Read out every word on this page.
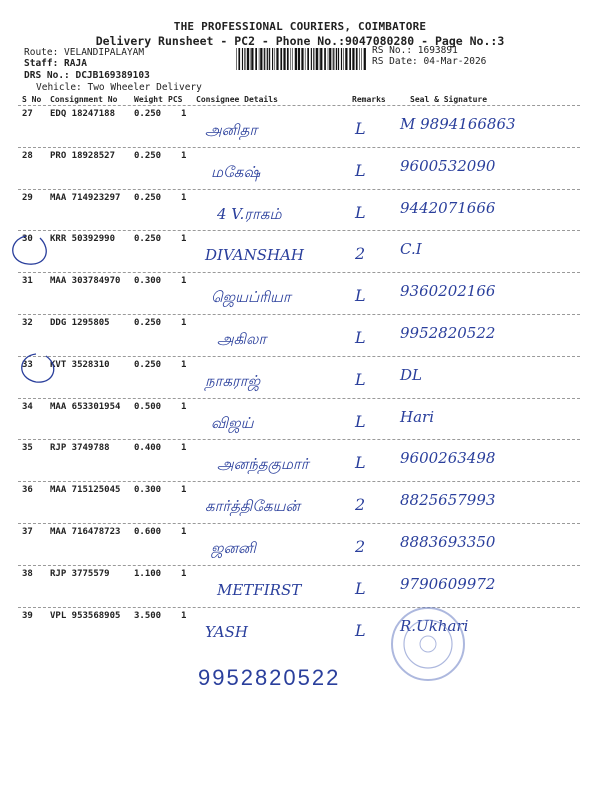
THE PROFESSIONAL COURIERS, COIMBATORE
Delivery Runsheet - PC2 - Phone No.:9047080280 - Page No.:3
Route: VELANDIPALAYAM
Staff: RAJA
DRS No.: DCJB169389103
Vehicle: Two Wheeler Delivery
RS No.: 1693891
RS Date: 04-Mar-2026
S No Consignment No Weight PCS Consignee Details	Remarks	Seal & Signature
27 EDQ 18247188 0.250 1
அனிதா	L M 9894166863
28 PRO 18928527 0.250 1
மகேஷ்	L 9600532090
29 MAA 714923297 0.250 1
4 V.ராகம்	L 9442071666
30 KRR 50392990 0.250 1
DIVANSHAH	2 C.I
31 MAA 303784970 0.300 1
ஜெயப்ரியா	L 9360202166
32 DDG 1295805	0.250 1
அகிலா	L 9952820522
33 KVT 3528310	0.250 1
நாகராஜ்	L DL
34 MAA 653301954 0.500 1
விஜய்	L Hari
35 RJP 3749788	0.400 1
அனந்தகுமார்	L 9600263498
36 MAA 715125045 0.300 1
கார்த்திகேயன்	2 8825657993
37 MAA 716478723 0.600 1
ஜனனி	2 8883693350
38 RJP 3775579	1.100 1
METFIRST	L 9790609972
39 VPL 953568905 3.500 1
YASH	L R.Ukhari
9952820522
